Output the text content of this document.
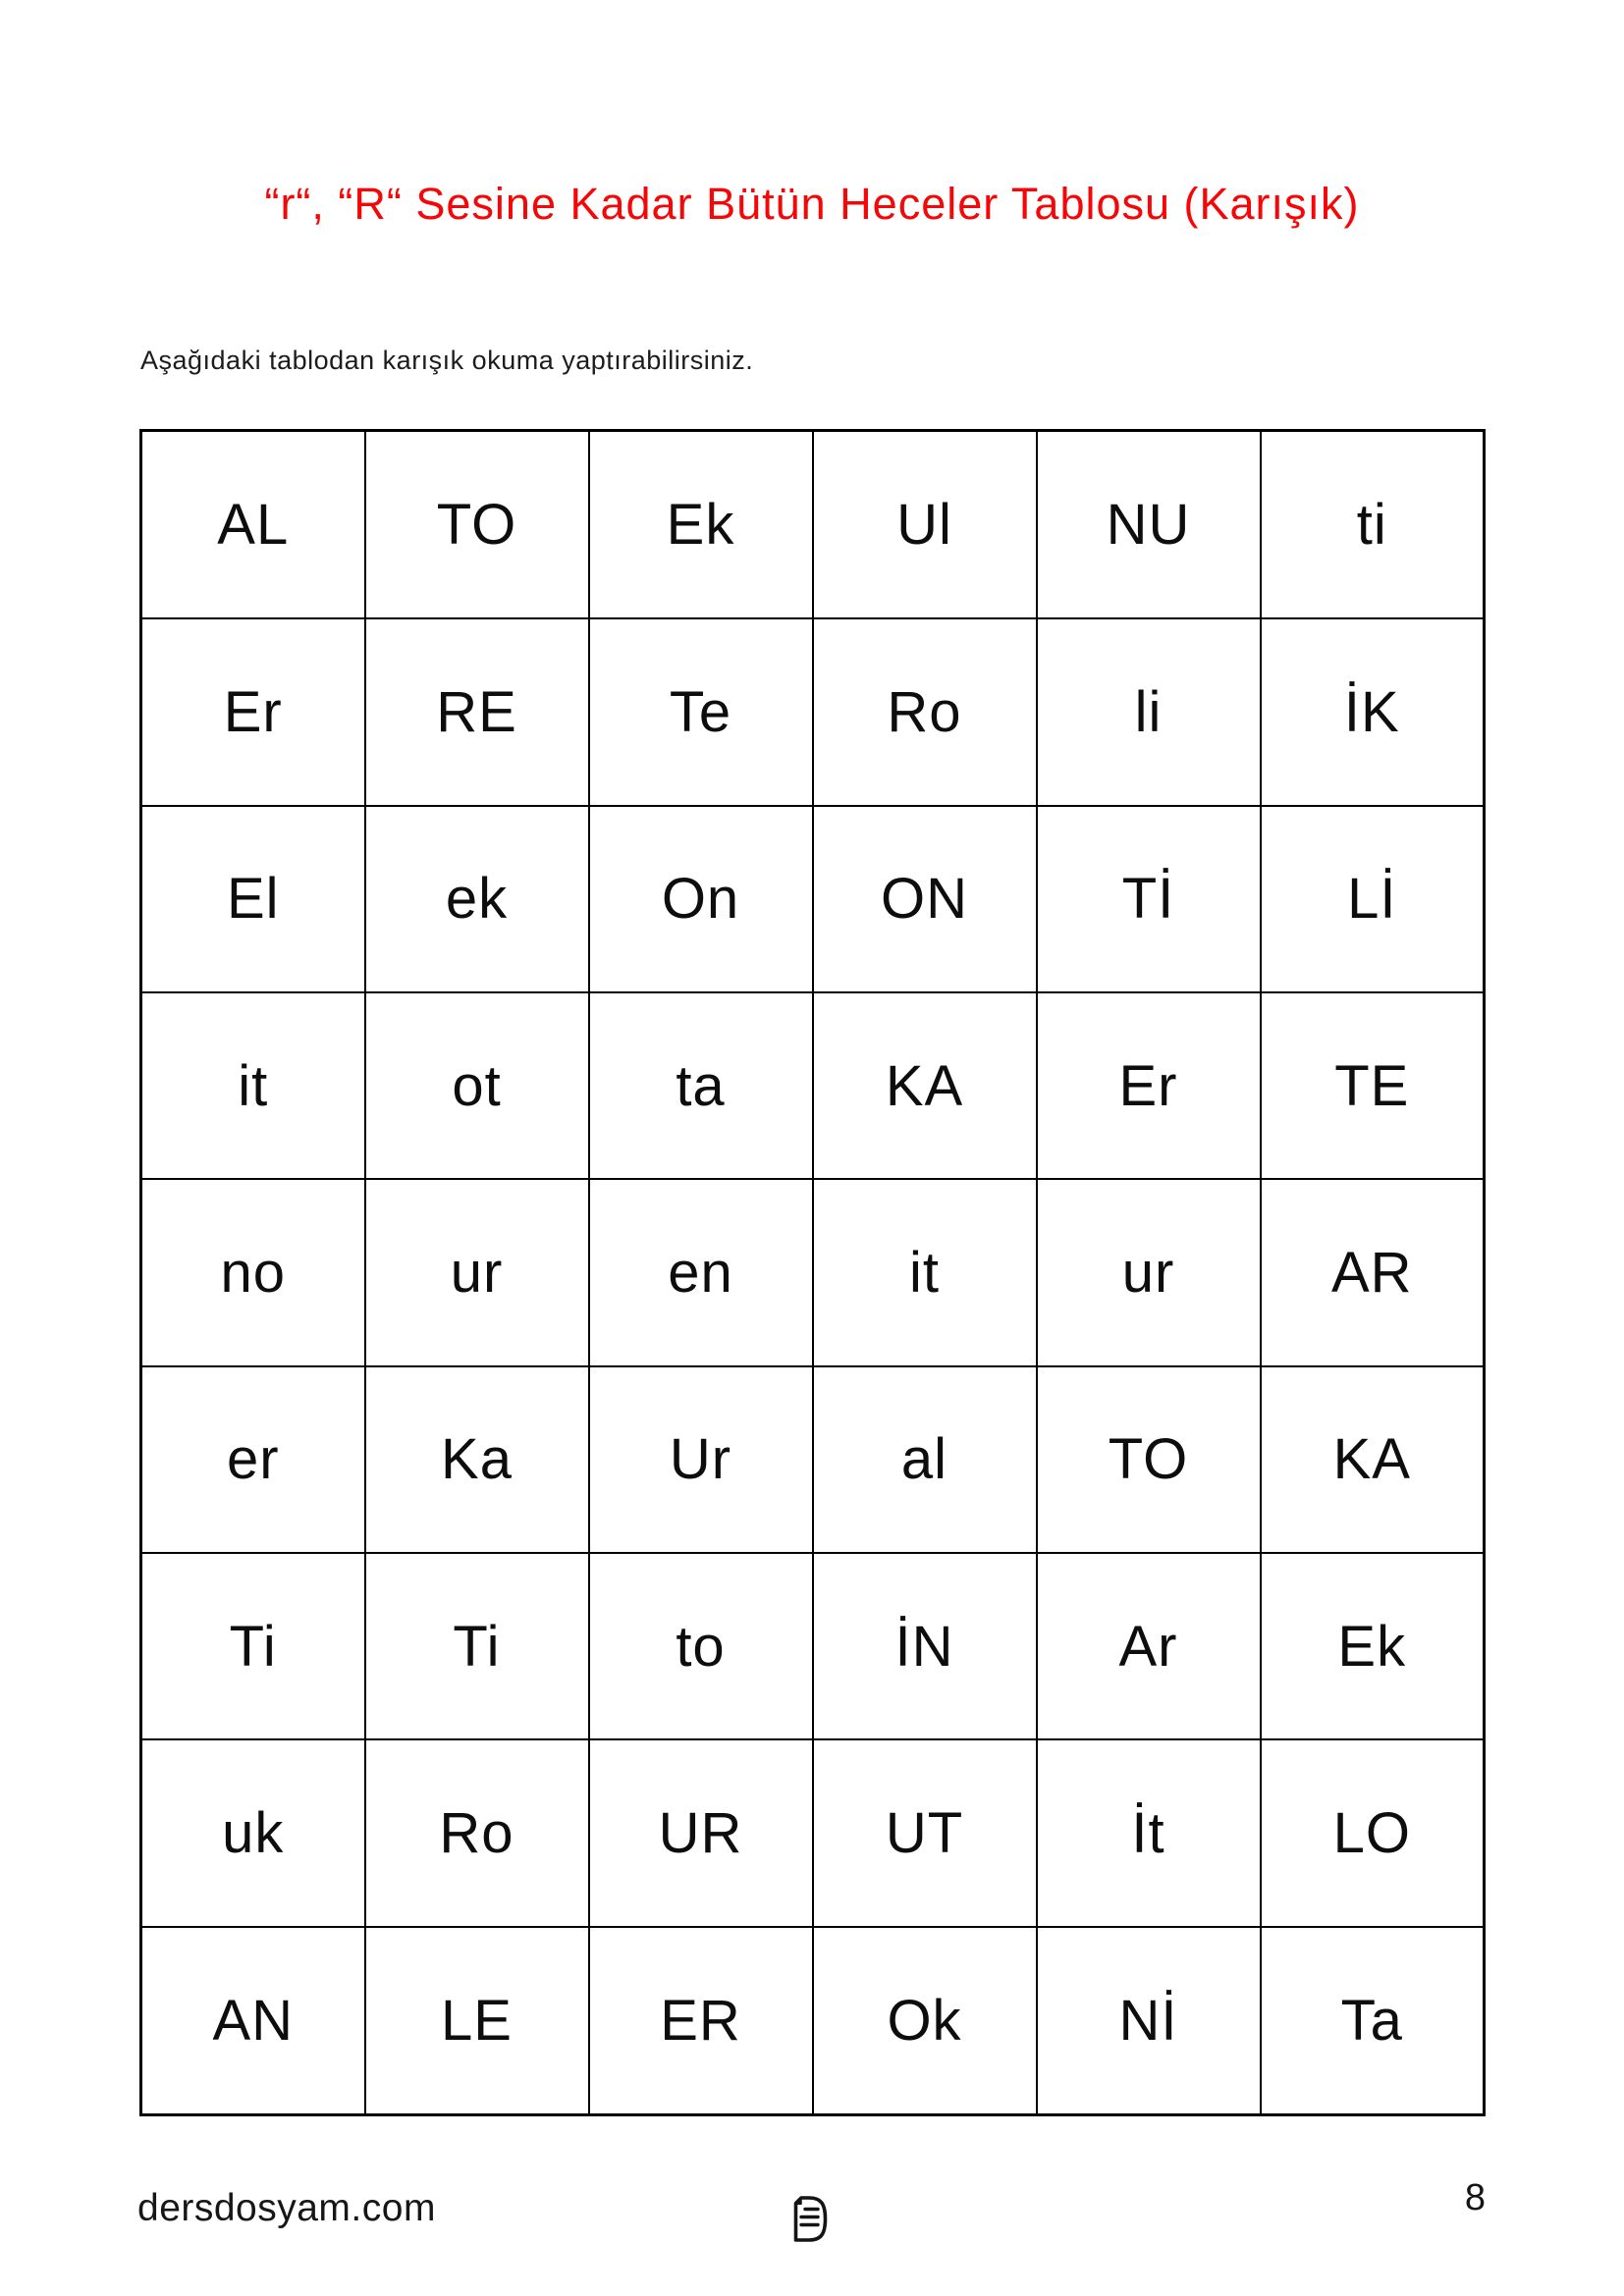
“r“, “R“ Sesine Kadar Bütün Heceler Tablosu (Karışık)
Aşağıdaki tablodan karışık okuma yaptırabilirsiniz.
AL	TO	Ek	Ul	NU	ti
Er	RE	Te	Ro	li	İK
El	ek	On	ON	Tİ	Lİ
it	ot	ta	KA	Er	TE
no	ur	en	it	ur	AR
er	Ka	Ur	al	TO	KA
Ti	Ti	to	İN	Ar	Ek
uk	Ro	UR	UT	İt	LO
AN	LE	ER	Ok	Nİ	Ta
dersdosyam.com	8
